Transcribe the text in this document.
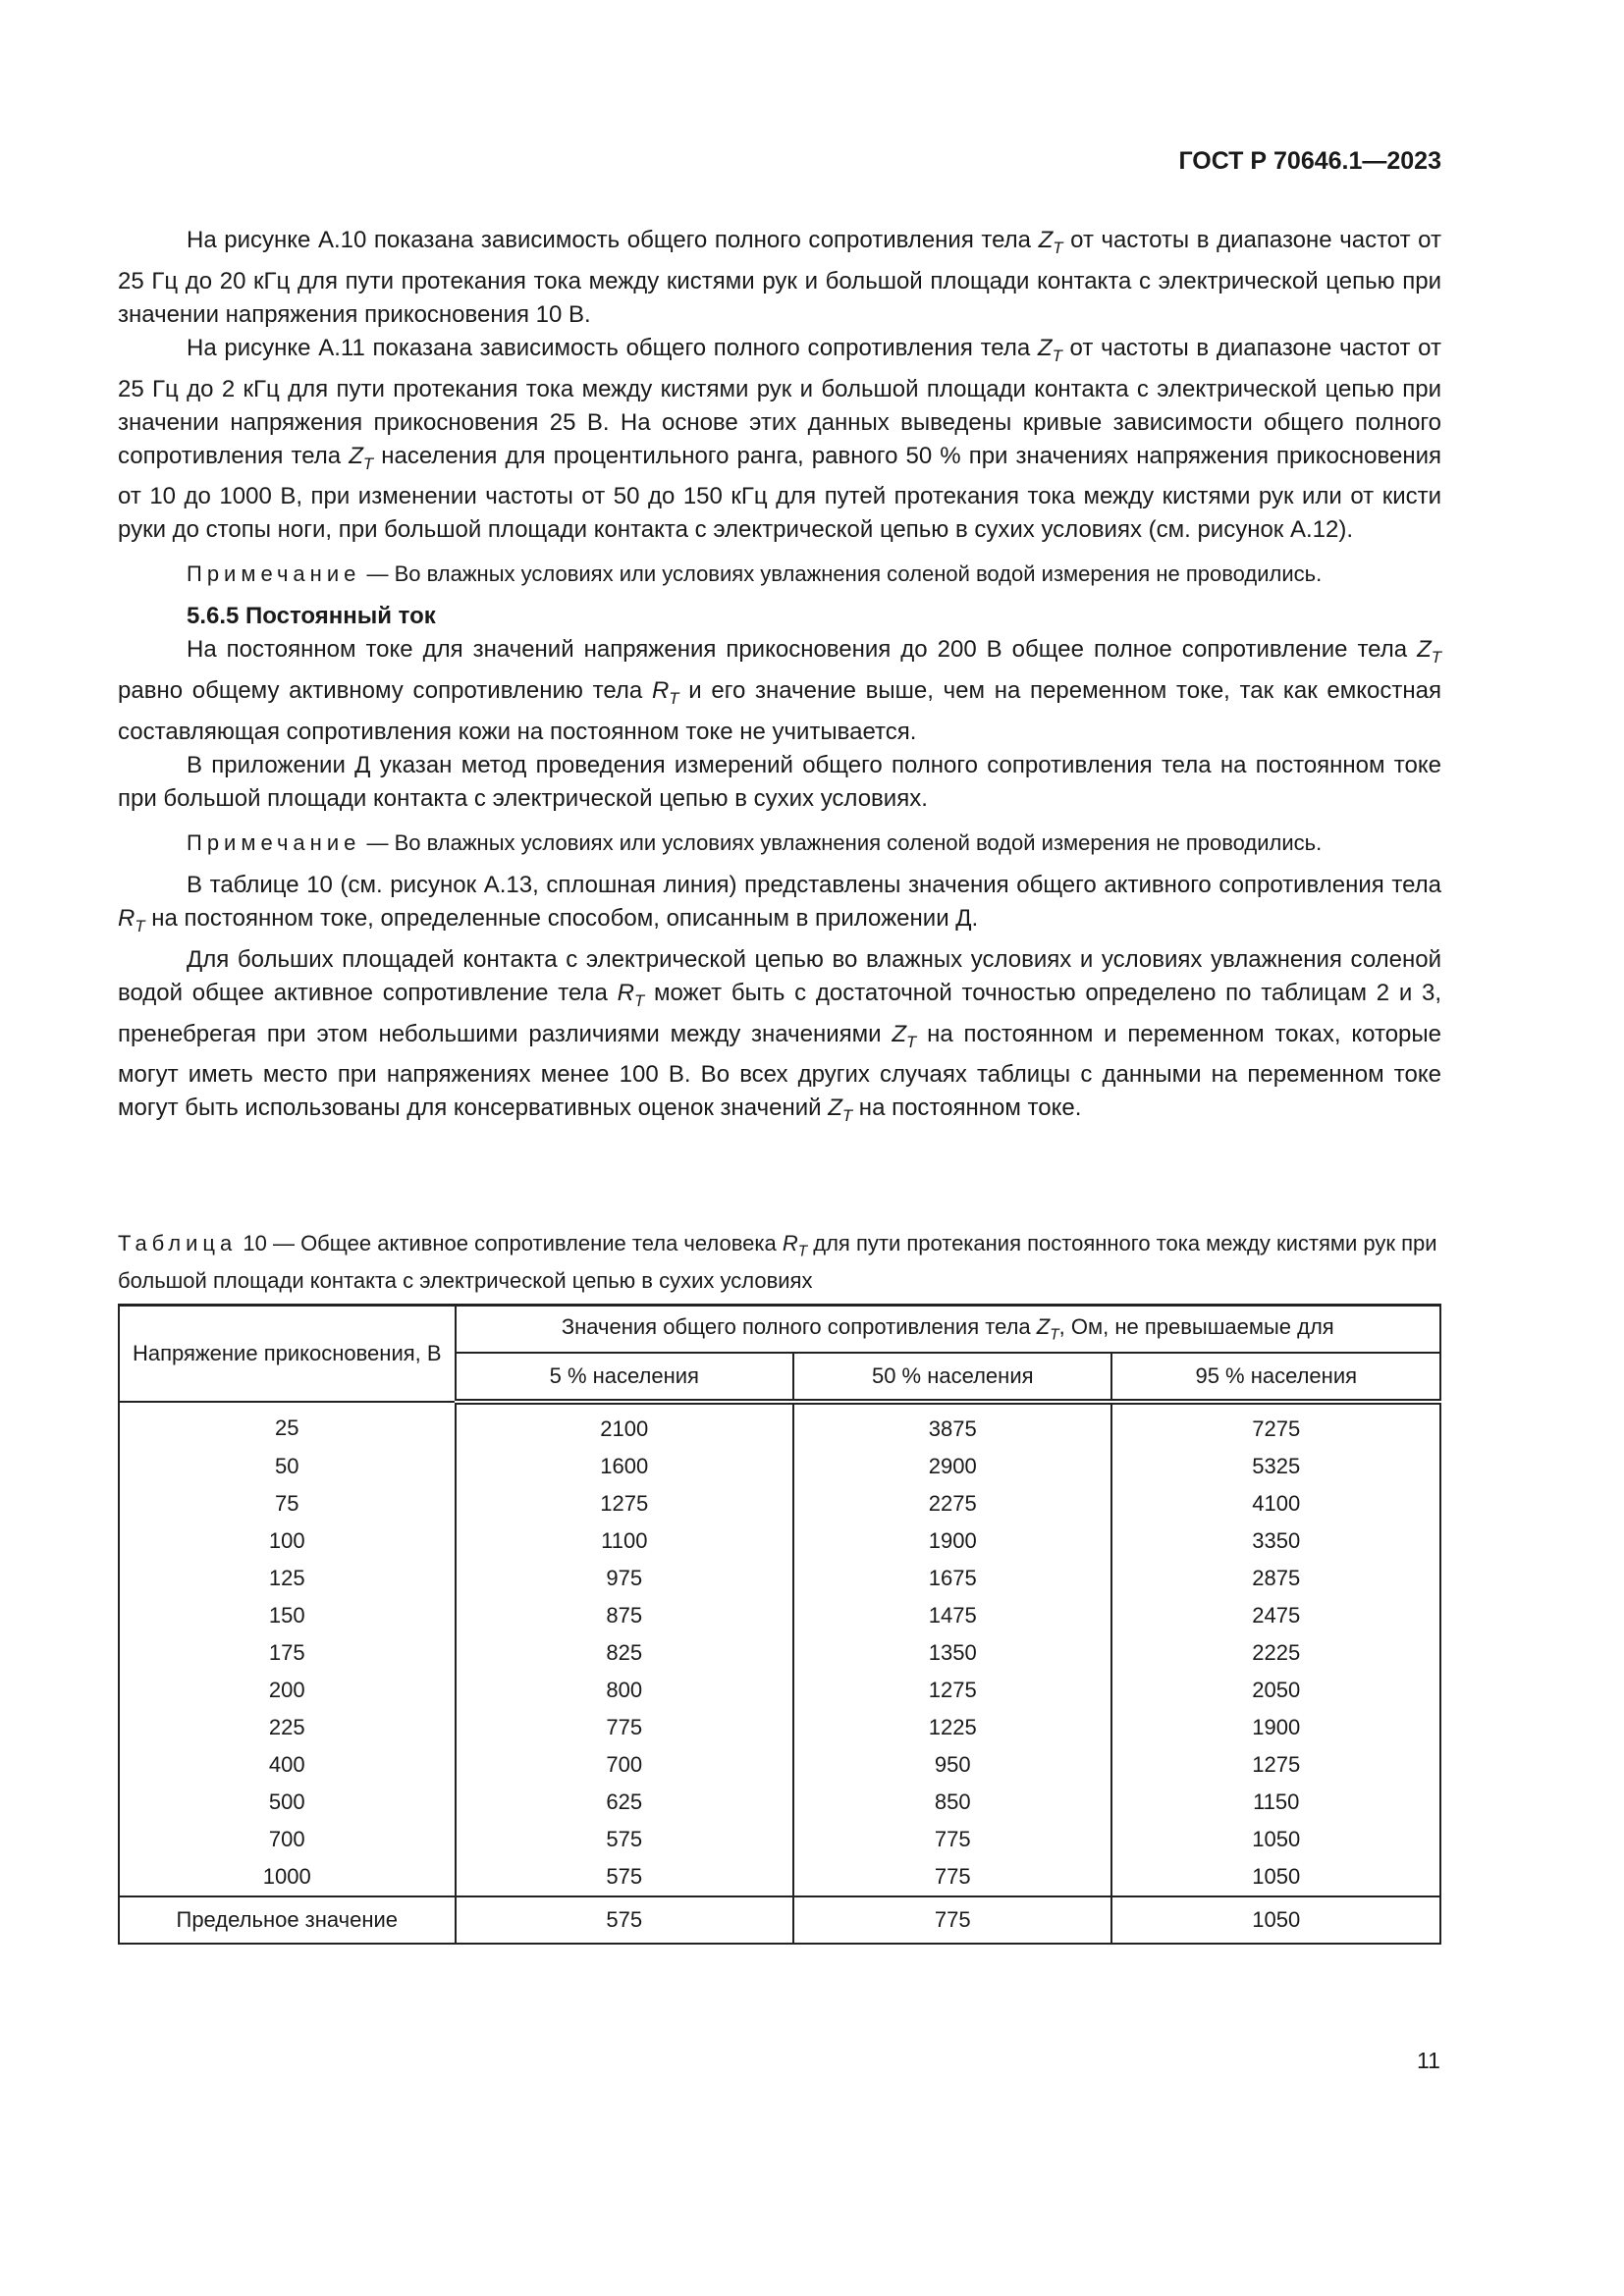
ГОСТ Р 70646.1—2023

На рисунке А.10 показана зависимость общего полного сопротивления тела $Z_T$ от частоты в диапазоне частот от 25 Гц до 20 кГц для пути протекания тока между кистями рук и большой площади контакта с электрической цепью при значении напряжения прикосновения 10 В.

На рисунке А.11 показана зависимость общего полного сопротивления тела $Z_T$ от частоты в диапазоне частот от 25 Гц до 2 кГц для пути протекания тока между кистями рук и большой площади контакта с электрической цепью при значении напряжения прикосновения 25 В. На основе этих данных выведены кривые зависимости общего полного сопротивления тела $Z_T$ населения для процентильного ранга, равного 50 % при значениях напряжения прикосновения от 10 до 1000 В, при изменении частоты от 50 до 150 кГц для путей протекания тока между кистями рук или от кисти руки до стопы ноги, при большой площади контакта с электрической цепью в сухих условиях (см. рисунок А.12).

Примечание — Во влажных условиях или условиях увлажнения соленой водой измерения не проводились.

5.6.5 Постоянный ток

На постоянном токе для значений напряжения прикосновения до 200 В общее полное сопротивление тела $Z_T$ равно общему активному сопротивлению тела $R_T$ и его значение выше, чем на переменном токе, так как емкостная составляющая сопротивления кожи на постоянном токе не учитывается.

В приложении Д указан метод проведения измерений общего полного сопротивления тела на постоянном токе при большой площади контакта с электрической цепью в сухих условиях.

Примечание — Во влажных условиях или условиях увлажнения соленой водой измерения не проводились.

В таблице 10 (см. рисунок А.13, сплошная линия) представлены значения общего активного сопротивления тела $R_T$ на постоянном токе, определенные способом, описанным в приложении Д.

Для больших площадей контакта с электрической цепью во влажных условиях и условиях увлажнения соленой водой общее активное сопротивление тела $R_T$ может быть с достаточной точностью определено по таблицам 2 и 3, пренебрегая при этом небольшими различиями между значениями $Z_T$ на постоянном и переменном токах, которые могут иметь место при напряжениях менее 100 В. Во всех других случаях таблицы с данными на переменном токе могут быть использованы для консервативных оценок значений $Z_T$ на постоянном токе.

Таблица 10 — Общее активное сопротивление тела человека $R_T$ для пути протекания постоянного тока между кистями рук при большой площади контакта с электрической цепью в сухих условиях
Напряжение прикосновения, В	Значения общего полного сопротивления тела $Z_T$, Ом, не превышаемые для		
	5 % населения	50 % населения	95 % населения
25	2100	3875	7275
50	1600	2900	5325
75	1275	2275	4100
100	1100	1900	3350
125	975	1675	2875
150	875	1475	2475
175	825	1350	2225
200	800	1275	2050
225	775	1225	1900
400	700	950	1275
500	625	850	1150
700	575	775	1050
1000	575	775	1050
Предельное значение	575	775	1050
11
